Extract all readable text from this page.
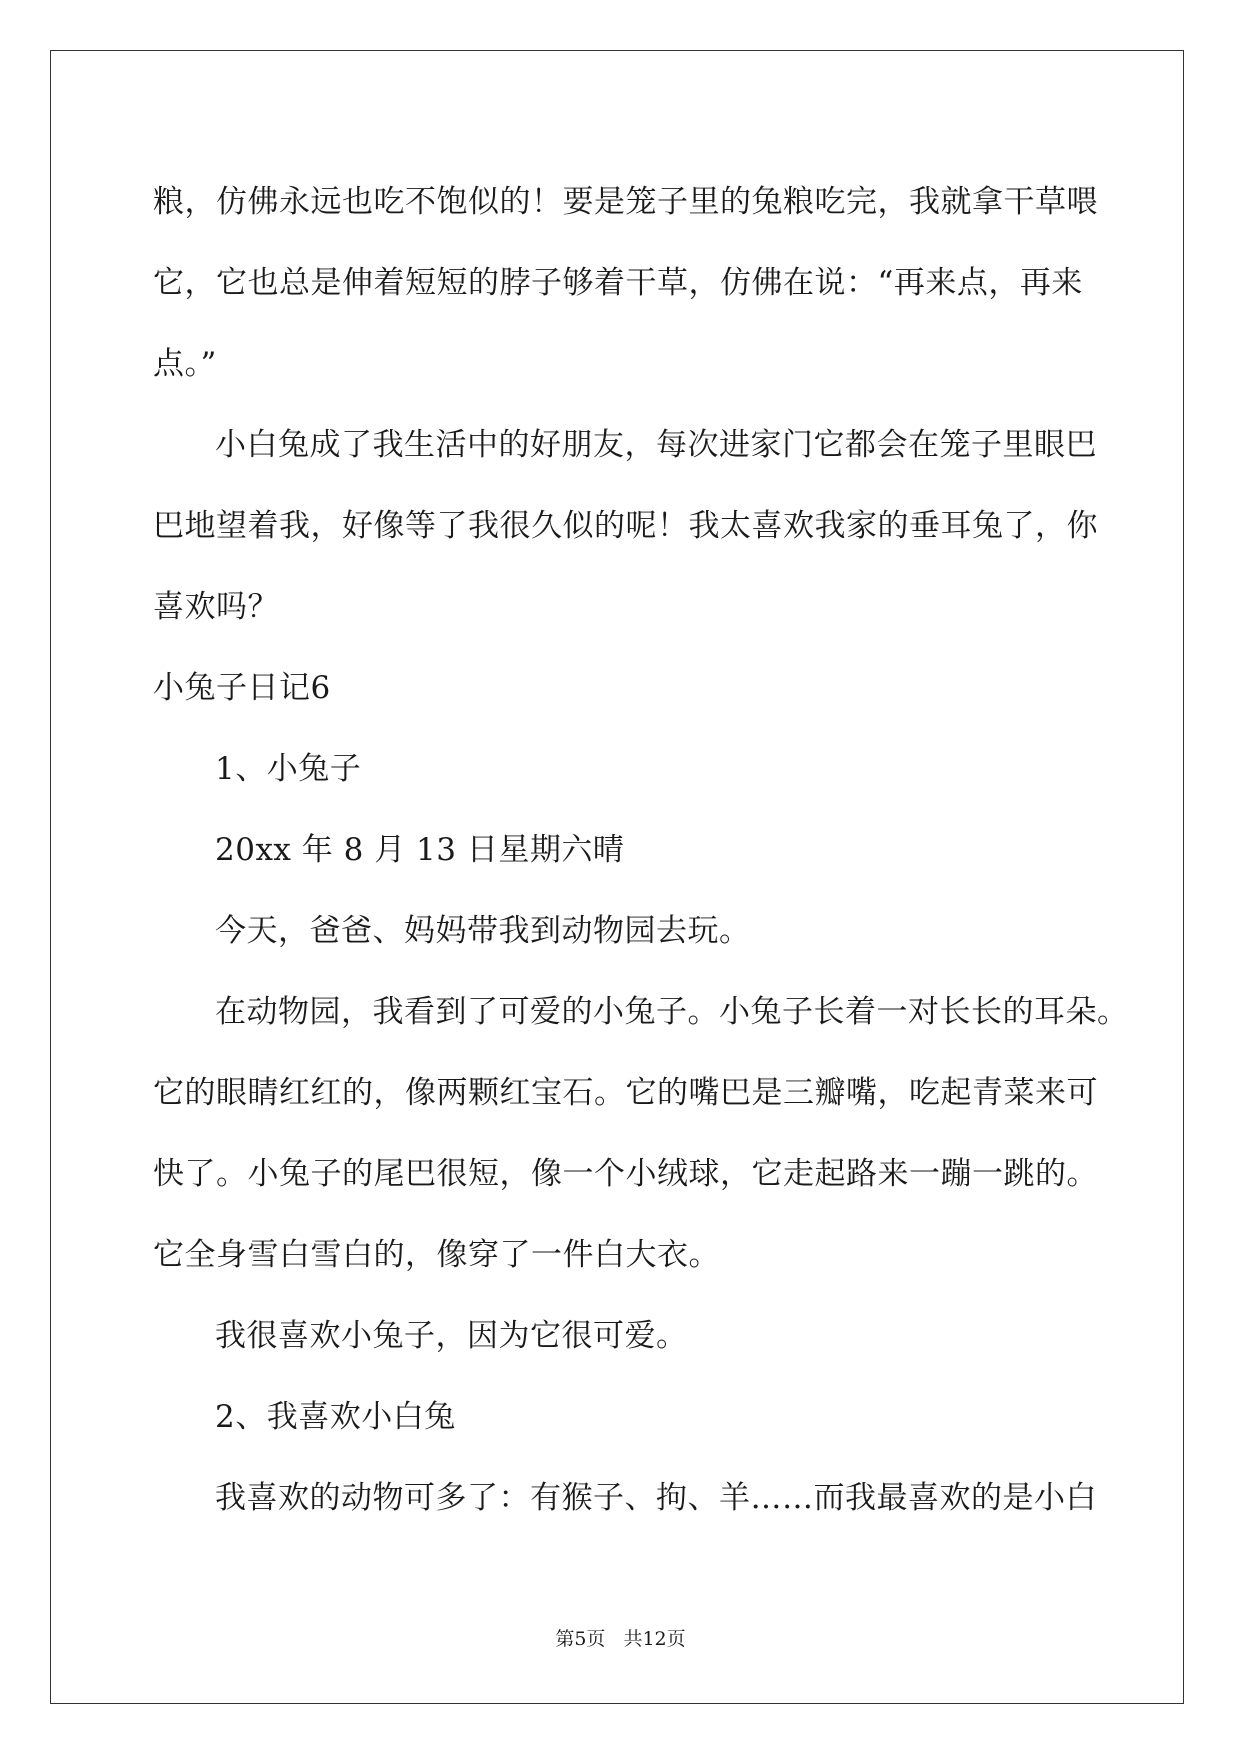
粮，仿佛永远也吃不饱似的！要是笼子里的兔粮吃完，我就拿干草喂
它，它也总是伸着短短的脖子够着干草，仿佛在说：“再来点，再来
点。”
小白兔成了我生活中的好朋友，每次进家门它都会在笼子里眼巴
巴地望着我，好像等了我很久似的呢！我太喜欢我家的垂耳兔了，你
喜欢吗？
小兔子日记6
1、小兔子
20xx 年 8 月 13 日星期六晴
今天，爸爸、妈妈带我到动物园去玩。
在动物园，我看到了可爱的小兔子。小兔子长着一对长长的耳朵。
它的眼睛红红的，像两颗红宝石。它的嘴巴是三瓣嘴，吃起青菜来可
快了。小兔子的尾巴很短，像一个小绒球，它走起路来一蹦一跳的。
它全身雪白雪白的，像穿了一件白大衣。
我很喜欢小兔子，因为它很可爱。
2、我喜欢小白兔
我喜欢的动物可多了：有猴子、拘、羊……而我最喜欢的是小白
第5页 共12页
